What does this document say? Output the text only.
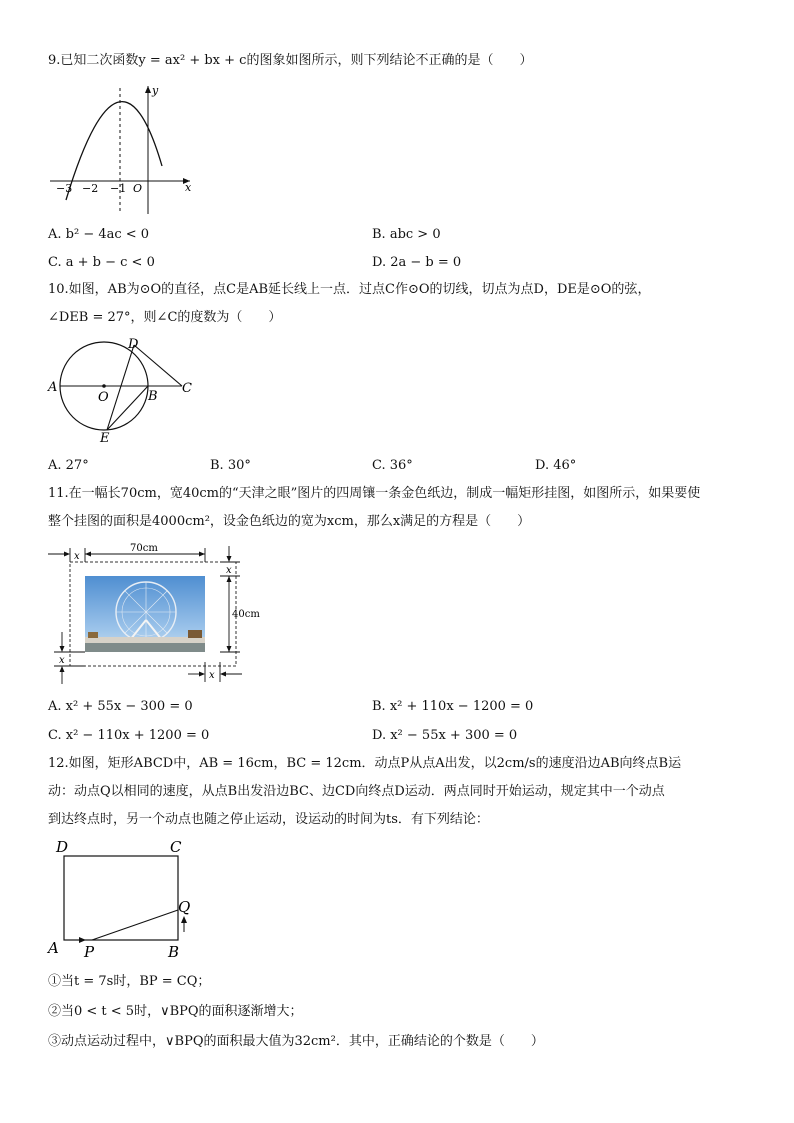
9.已知二次函数y = ax² + bx + c的图象如图所示，则下列结论不正确的是（　　）
y
x
O
−3 −2 −1
A. b² − 4ac < 0	B. abc > 0
C. a + b − c < 0	D. 2a − b = 0
10.如图，AB为⊙O的直径，点C是AB延长线上一点．过点C作⊙O的切线，切点为点D，DE是⊙O的弦，
∠DEB = 27°，则∠C的度数为（　　）
A
O	B
C
D
E
A. 27°	B. 30°	C. 36°	D. 46°
11.在一幅长70cm，宽40cm的“天津之眼”图片的四周镶一条金色纸边，制成一幅矩形挂图，如图所示，如果要使
整个挂图的面积是4000cm²，设金色纸边的宽为xcm，那么x满足的方程是（　　）
70cm
x
x
40cm
x
x
A. x² + 55x − 300 = 0	B. x² + 110x − 1200 = 0
C. x² − 110x + 1200 = 0	D. x² − 55x + 300 = 0
12.如图，矩形ABCD中，AB = 16cm，BC = 12cm．动点P从点A出发，以2cm/s的速度沿边AB向终点B运
动：动点Q以相同的速度，从点B出发沿边BC、边CD向终点D运动．两点同时开始运动，规定其中一个动点
到达终点时，另一个动点也随之停止运动，设运动的时间为ts．有下列结论：
D	C
A P	B
Q
①当t = 7s时，BP = CQ；
②当0 < t < 5时，∨BPQ的面积逐渐增大；
③动点运动过程中，∨BPQ的面积最大值为32cm²．其中，正确结论的个数是（　　）
